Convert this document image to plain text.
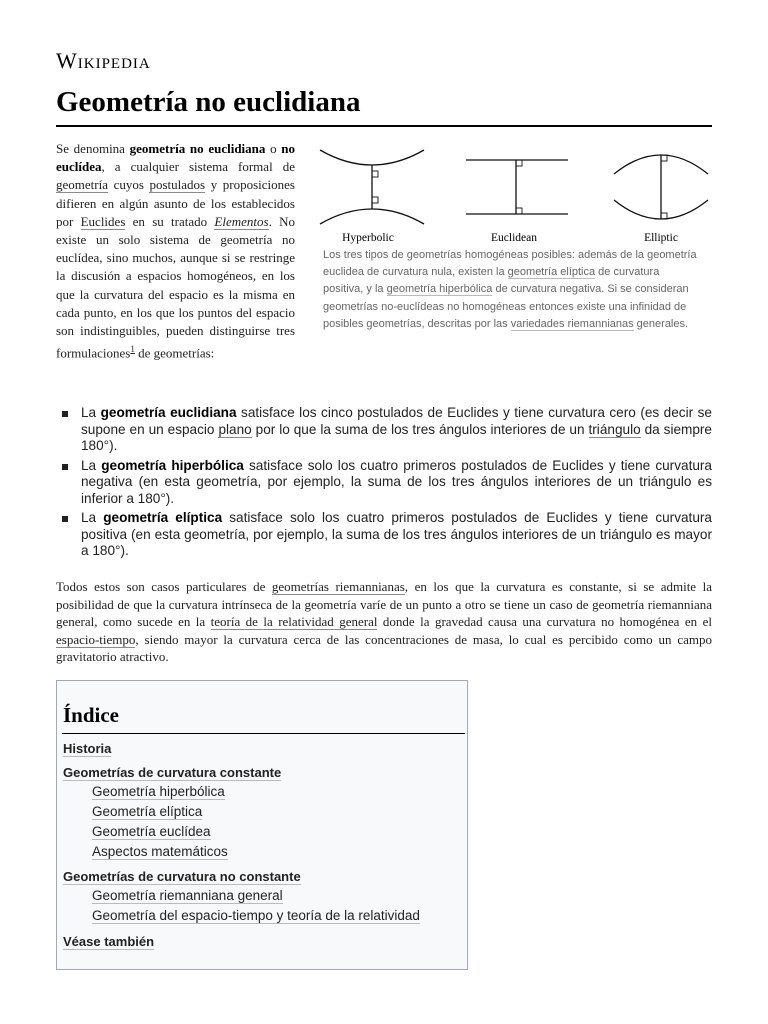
Wikipedia
Geometría no euclidiana
Se denomina geometría no euclidiana o no euclídea, a cualquier sistema formal de geometría cuyos postulados y proposiciones difieren en algún asunto de los establecidos por Euclides en su tratado Elementos. No existe un solo sistema de geometría no euclídea, sino muchos, aunque si se restringe la discusión a espacios homogéneos, en los que la curvatura del espacio es la misma en cada punto, en los que los puntos del espacio son indistinguibles, pueden distinguirse tres formulaciones$^1$ de geometrías:
Hyperbolic	Euclidean	Elliptic
Los tres tipos de geometrías homogéneas posibles: además de la geometría euclidea de curvatura nula, existen la geometría elíptica de curvatura positiva, y la geometría hiperbólica de curvatura negativa. Si se consideran geometrías no-euclídeas no homogéneas entonces existe una infinidad de posibles geometrías, descritas por las variedades riemannianas generales.
La geometría euclidiana satisface los cinco postulados de Euclides y tiene curvatura cero (es decir se supone en un espacio plano por lo que la suma de los tres ángulos interiores de un triángulo da siempre 180°).
La geometría hiperbólica satisface solo los cuatro primeros postulados de Euclides y tiene curvatura negativa (en esta geometría, por ejemplo, la suma de los tres ángulos interiores de un triángulo es inferior a 180°).
La geometría elíptica satisface solo los cuatro primeros postulados de Euclides y tiene curvatura positiva (en esta geometría, por ejemplo, la suma de los tres ángulos interiores de un triángulo es mayor a 180°).
Todos estos son casos particulares de geometrías riemannianas, en los que la curvatura es constante, si se admite la posibilidad de que la curvatura intrínseca de la geometría varíe de un punto a otro se tiene un caso de geometría riemanniana general, como sucede en la teoría de la relatividad general donde la gravedad causa una curvatura no homogénea en el espacio-tiempo, siendo mayor la curvatura cerca de las concentraciones de masa, lo cual es percibido como un campo gravitatorio atractivo.
Índice
Historia
Geometrías de curvatura constante
Geometría hiperbólica
Geometría elíptica
Geometría euclídea
Aspectos matemáticos
Geometrías de curvatura no constante
Geometría riemanniana general
Geometría del espacio-tiempo y teoría de la relatividad
Véase también
